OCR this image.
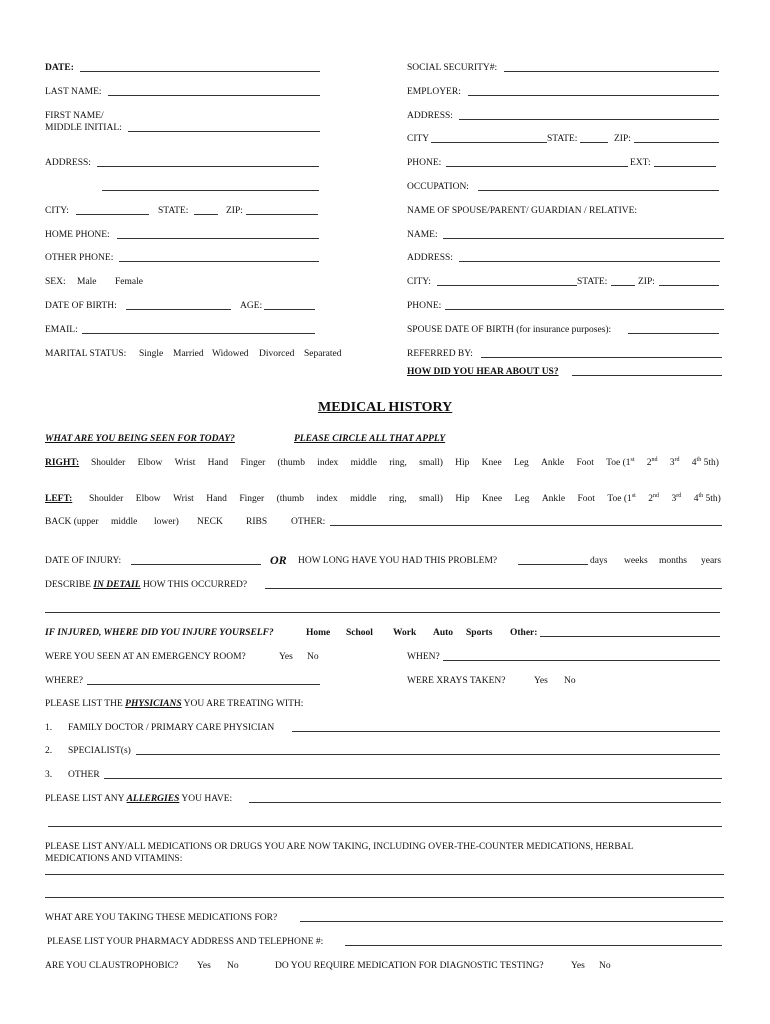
DATE:
LAST NAME:
FIRST NAME/
MIDDLE INITIAL:
ADDRESS:
CITY:	STATE:	ZIP:
HOME PHONE:
OTHER PHONE:
SEX: Male Female
DATE OF BIRTH:	AGE:
EMAIL:
MARITAL STATUS: Single Married Widowed Divorced Separated
SOCIAL SECURITY#:
EMPLOYER:
ADDRESS:
CITY	STATE:	ZIP:
PHONE:	EXT:
OCCUPATION:
NAME OF SPOUSE/PARENT/ GUARDIAN / RELATIVE:
NAME:
ADDRESS:
CITY:	STATE:	ZIP:
PHONE:
SPOUSE DATE OF BIRTH (for insurance purposes):
REFERRED BY:
HOW DID YOU HEAR ABOUT US?
MEDICAL HISTORY
WHAT ARE YOU BEING SEEN FOR TODAY?	PLEASE CIRCLE ALL THAT APPLY
RIGHT: Shoulder Elbow Wrist Hand Finger (thumb index middle ring, small) Hip Knee Leg Ankle Foot Toe (1st 2nd 3rd 4th 5th)
LEFT: Shoulder Elbow Wrist Hand Finger (thumb index middle ring, small) Hip Knee Leg Ankle Foot Toe (1st 2nd 3rd 4th 5th)
BACK (upper middle lower) NECK RIBS	OTHER:
DATE OF INJURY:	OR HOW LONG HAVE YOU HAD THIS PROBLEM?	days weeks months years
DESCRIBE IN DETAIL HOW THIS OCCURRED?
IF INJURED, WHERE DID YOU INJURE YOURSELF?	Home School Work Auto Sports Other:
WERE YOU SEEN AT AN EMERGENCY ROOM?	Yes No	WHEN?
WHERE?	WERE XRAYS TAKEN?	Yes No
PLEASE LIST THE PHYSICIANS YOU ARE TREATING WITH:
1. FAMILY DOCTOR / PRIMARY CARE PHYSICIAN
2. SPECIALIST(s)
3. OTHER
PLEASE LIST ANY ALLERGIES YOU HAVE:
PLEASE LIST ANY/ALL MEDICATIONS OR DRUGS YOU ARE NOW TAKING, INCLUDING OVER-THE-COUNTER MEDICATIONS, HERBAL
MEDICATIONS AND VITAMINS:
WHAT ARE YOU TAKING THESE MEDICATIONS FOR?
PLEASE LIST YOUR PHARMACY ADDRESS AND TELEPHONE #:
ARE YOU CLAUSTROPHOBIC? Yes No	DO YOU REQUIRE MEDICATION FOR DIAGNOSTIC TESTING?	Yes No
